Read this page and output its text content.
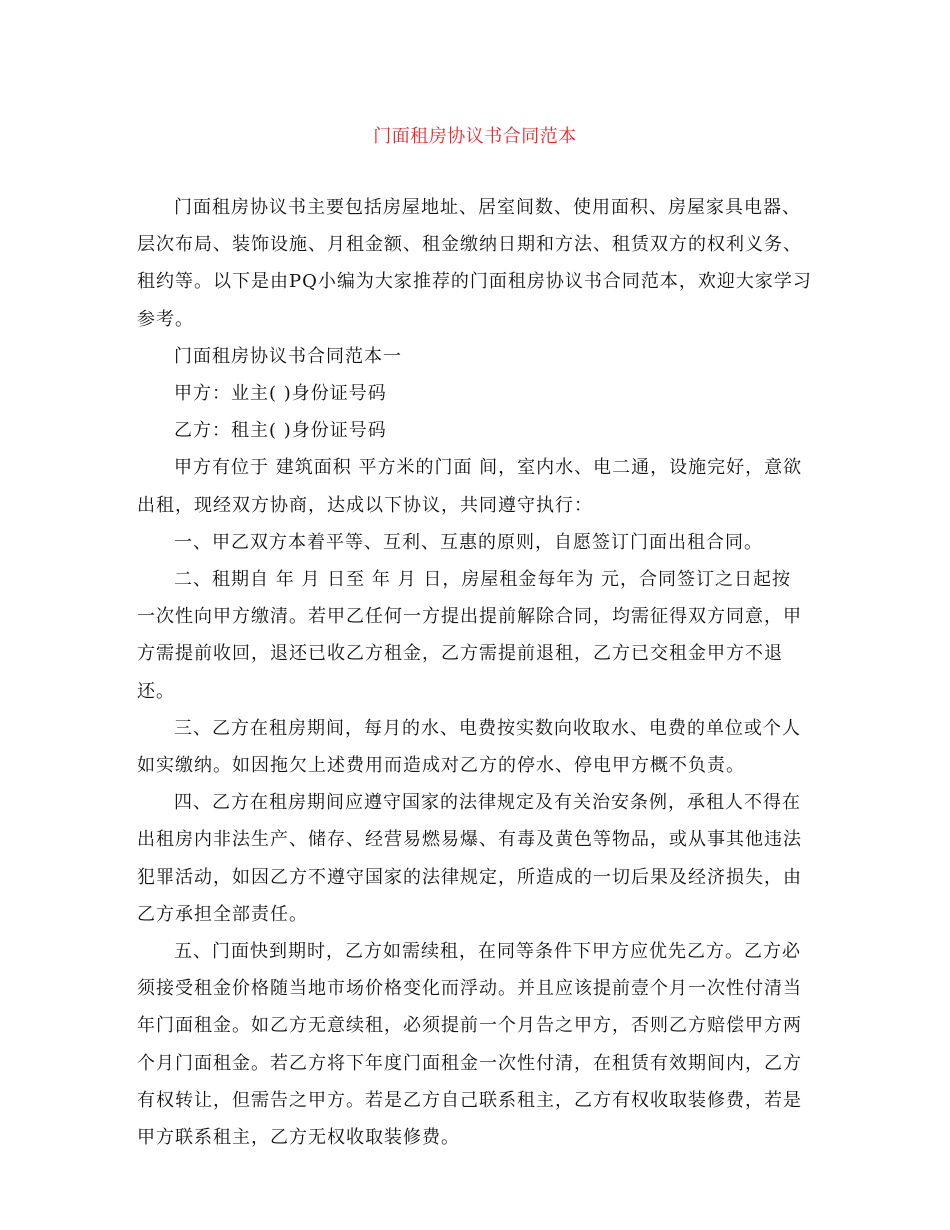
门面租房协议书合同范本

门面租房协议书主要包括房屋地址、居室间数、使用面积、房屋家具电器、层次布局、装饰设施、月租金额、租金缴纳日期和方法、租赁双方的权利义务、租约等。以下是由PQ小编为大家推荐的门面租房协议书合同范本，欢迎大家学习参考。

门面租房协议书合同范本一

甲方：业主( )身份证号码

乙方：租主( )身份证号码

甲方有位于 建筑面积 平方米的门面 间，室内水、电二通，设施完好，意欲出租，现经双方协商，达成以下协议，共同遵守执行：

一、甲乙双方本着平等、互利、互惠的原则，自愿签订门面出租合同。

二、租期自 年 月 日至 年 月 日，房屋租金每年为 元，合同签订之日起按 一次性向甲方缴清。若甲乙任何一方提出提前解除合同，均需征得双方同意，甲方需提前收回，退还已收乙方租金，乙方需提前退租，乙方已交租金甲方不退还。

三、乙方在租房期间，每月的水、电费按实数向收取水、电费的单位或个人如实缴纳。如因拖欠上述费用而造成对乙方的停水、停电甲方概不负责。

四、乙方在租房期间应遵守国家的法律规定及有关治安条例，承租人不得在出租房内非法生产、储存、经营易燃易爆、有毒及黄色等物品，或从事其他违法犯罪活动，如因乙方不遵守国家的法律规定，所造成的一切后果及经济损失，由乙方承担全部责任。

五、门面快到期时，乙方如需续租，在同等条件下甲方应优先乙方。乙方必须接受租金价格随当地市场价格变化而浮动。并且应该提前壹个月一次性付清当年门面租金。如乙方无意续租，必须提前一个月告之甲方，否则乙方赔偿甲方两个月门面租金。若乙方将下年度门面租金一次性付清，在租赁有效期间内，乙方有权转让，但需告之甲方。若是乙方自己联系租主，乙方有权收取装修费，若是甲方联系租主，乙方无权收取装修费。
